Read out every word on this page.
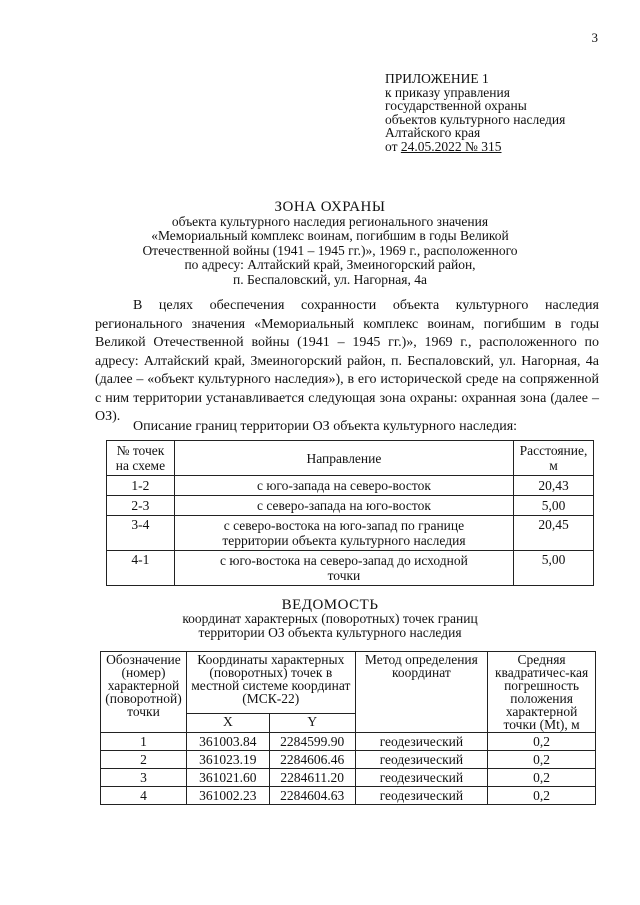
3
ПРИЛОЖЕНИЕ 1
к приказу управления
государственной охраны
объектов культурного наследия
Алтайского края
от 24.05.2022 № 315
ЗОНА ОХРАНЫ
объекта культурного наследия регионального значения
«Мемориальный комплекс воинам, погибшим в годы Великой
Отечественной войны (1941 – 1945 гг.)», 1969 г., расположенного
по адресу: Алтайский край, Змеиногорский район,
п. Беспаловский, ул. Нагорная, 4а
В целях обеспечения сохранности объекта культурного наследия регионального значения «Мемориальный комплекс воинам, погибшим в годы Великой Отечественной войны (1941 – 1945 гг.)», 1969 г., расположенного по адресу: Алтайский край, Змеиногорский район, п. Беспаловский, ул. Нагорная, 4а (далее – «объект культурного наследия»), в его исторической среде на сопряженной с ним территории устанавливается следующая зона охраны: охранная зона (далее – ОЗ).
Описание границ территории ОЗ объекта культурного наследия:
№ точек на схеме	Направление	Расстояние, м
1-2	с юго-запада на северо-восток	20,43
2-3	с северо-запада на юго-восток	5,00
3-4	с северо-востока на юго-запад по границе территории объекта культурного наследия	20,45
4-1	с юго-востока на северо-запад до исходной точки	5,00
ВЕДОМОСТЬ
координат характерных (поворотных) точек границ
территории ОЗ объекта культурного наследия
Обозначение (номер) характерной (поворотной) точки	Координаты характерных (поворотных) точек в местной системе координат (МСК-22)		Метод определения координат	Средняя квадратичес-кая погрешность положения характерной точки (Mt), м
	X	Y		
1	361003.84	2284599.90	геодезический	0,2
2	361023.19	2284606.46	геодезический	0,2
3	361021.60	2284611.20	геодезический	0,2
4	361002.23	2284604.63	геодезический	0,2
